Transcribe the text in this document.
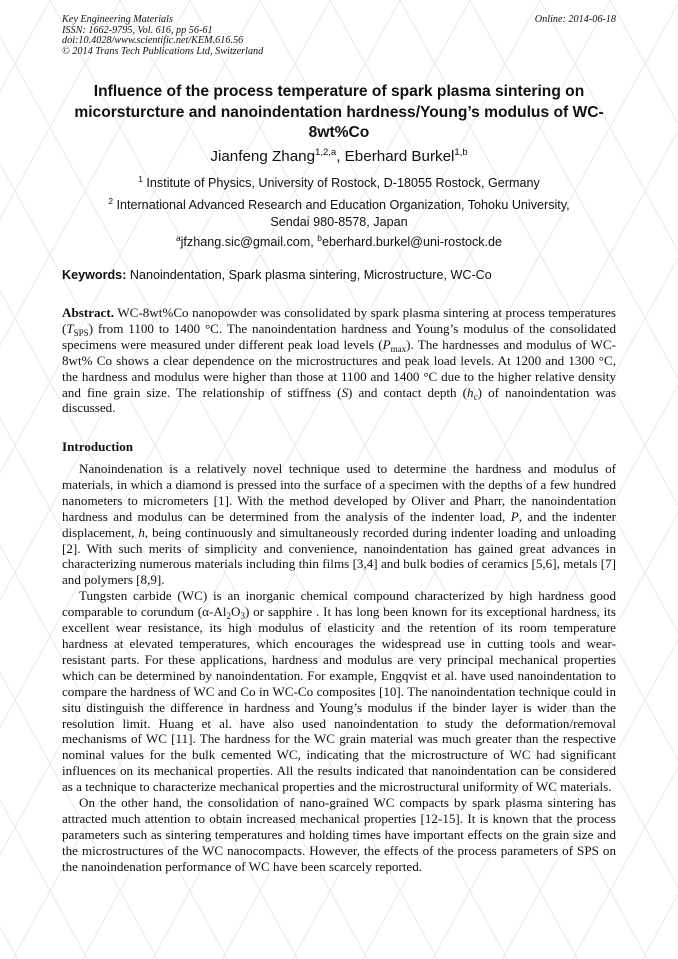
Key Engineering Materials
ISSN: 1662-9795, Vol. 616, pp 56-61
doi:10.4028/www.scientific.net/KEM.616.56
© 2014 Trans Tech Publications Ltd, Switzerland
Online: 2014-06-18
Influence of the process temperature of spark plasma sintering on micorsturcture and nanoindentation hardness/Young’s modulus of WC-8wt%Co
Jianfeng Zhang$^{1,2,a}$, Eberhard Burkel$^{1,b}$
$^1$ Institute of Physics, University of Rostock, D-18055 Rostock, Germany
$^2$ International Advanced Research and Education Organization, Tohoku University,
Sendai 980-8578, Japan
$^a$jfzhang.sic@gmail.com, $^b$eberhard.burkel@uni-rostock.de
Keywords: Nanoindentation, Spark plasma sintering, Microstructure, WC-Co

Abstract. WC-8wt%Co nanopowder was consolidated by spark plasma sintering at process temperatures $(T_{SPS})$ from 1100 to 1400 °C. The nanoindentation hardness and Young’s modulus of the consolidated specimens were measured under different peak load levels $(P_{max})$. The hardnesses and modulus of WC-8wt% Co shows a clear dependence on the microstructures and peak load levels. At 1200 and 1300 °C, the hardness and modulus were higher than those at 1100 and 1400 °C due to the higher relative density and fine grain size. The relationship of stiffness (S) and contact depth $(h_c)$ of nanoindentation was discussed.

Introduction

Nanoindenation is a relatively novel technique used to determine the hardness and modulus of materials, in which a diamond is pressed into the surface of a specimen with the depths of a few hundred nanometers to micrometers [1]. With the method developed by Oliver and Pharr, the nanoindentation hardness and modulus can be determined from the analysis of the indenter load, P, and the indenter displacement, h, being continuously and simultaneously recorded during indenter loading and unloading [2]. With such merits of simplicity and convenience, nanoindentation has gained great advances in characterizing numerous materials including thin films [3,4] and bulk bodies of ceramics [5,6], metals [7] and polymers [8,9].

Tungsten carbide (WC) is an inorganic chemical compound characterized by high hardness good comparable to corundum $(\alpha-Al_2O_3)$ or sapphire . It has long been known for its exceptional hardness, its excellent wear resistance, its high modulus of elasticity and the retention of its room temperature hardness at elevated temperatures, which encourages the widespread use in cutting tools and wear-resistant parts. For these applications, hardness and modulus are very principal mechanical properties which can be determined by nanoindentation. For example, Engqvist et al. have used nanoindentation to compare the hardness of WC and Co in WC-Co composites [10]. The nanoindentation technique could in situ distinguish the difference in hardness and Young’s modulus if the binder layer is wider than the resolution limit. Huang et al. have also used nanoindentation to study the deformation/removal mechanisms of WC [11]. The hardness for the WC grain material was much greater than the respective nominal values for the bulk cemented WC, indicating that the microstructure of WC had significant influences on its mechanical properties. All the results indicated that nanoindentation can be considered as a technique to characterize mechanical properties and the microstructural uniformity of WC materials.

On the other hand, the consolidation of nano-grained WC compacts by spark plasma sintering has attracted much attention to obtain increased mechanical properties [12-15]. It is known that the process parameters such as sintering temperatures and holding times have important effects on the grain size and the microstructures of the WC nanocompacts. However, the effects of the process parameters of SPS on the nanoindenation performance of WC have been scarcely reported.
